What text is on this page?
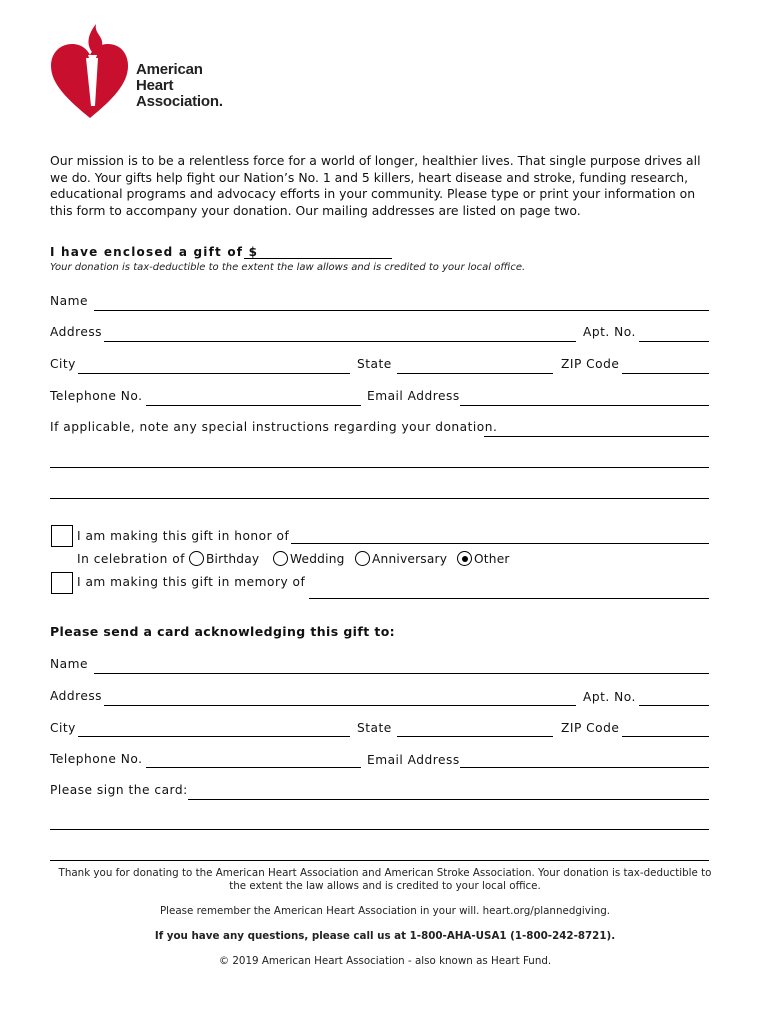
American
Heart
Association.
Our mission is to be a relentless force for a world of longer, healthier lives. That single purpose drives all we do. Your gifts help fight our Nation’s No. 1 and 5 killers, heart disease and stroke, funding research, educational programs and advocacy efforts in your community. Please type or print your information on this form to accompany your donation. Our mailing addresses are listed on page two.
I have enclosed a gift of $
Your donation is tax-deductible to the extent the law allows and is credited to your local office.
Name
Address	Apt. No.
City	State	ZIP Code
Telephone No.	Email Address
If applicable, note any special instructions regarding your donation.
I am making this gift in honor of
In celebration of Birthday	Wedding Anniversary Other
I am making this gift in memory of
Please send a card acknowledging this gift to:
Name
Address	Apt. No.
City	State	ZIP Code
Telephone No.	Email Address
Please sign the card:
Thank you for donating to the American Heart Association and American Stroke Association. Your donation is tax-deductible to the extent the law allows and is credited to your local office.
Please remember the American Heart Association in your will. heart.org/plannedgiving.
If you have any questions, please call us at 1-800-AHA-USA1 (1-800-242-8721).
© 2019 American Heart Association - also known as Heart Fund.
